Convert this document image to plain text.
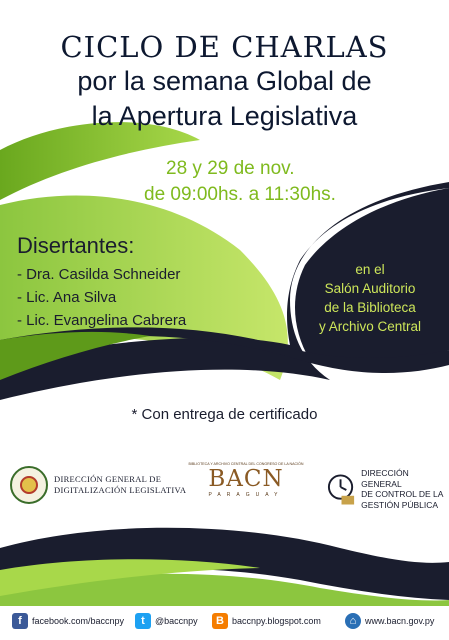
CICLO DE CHARLAS
por la semana Global de
la Apertura Legislativa
28 y 29 de nov.
de 09:00hs. a 11:30hs.
Disertantes:
- Dra. Casilda Schneider
- Lic. Ana Silva
- Lic. Evangelina Cabrera
en el
Salón Auditorio
de la Biblioteca
y Archivo Central
* Con entrega de certificado
DIRECCIÓN GENERAL DE
DIGITALIZACIÓN LEGISLATIVA
BIBLIOTECA Y ARCHIVO CENTRAL DEL CONGRESO DE LA NACIÓN
BACN
PARAGUAY
DIRECCIÓN GENERAL
DE CONTROL DE LA
GESTIÓN PÚBLICA
f	facebook.com/baccnpy	t	@baccnpy	B baccnpy.blogspot.com	⌂ www.bacn.gov.py
